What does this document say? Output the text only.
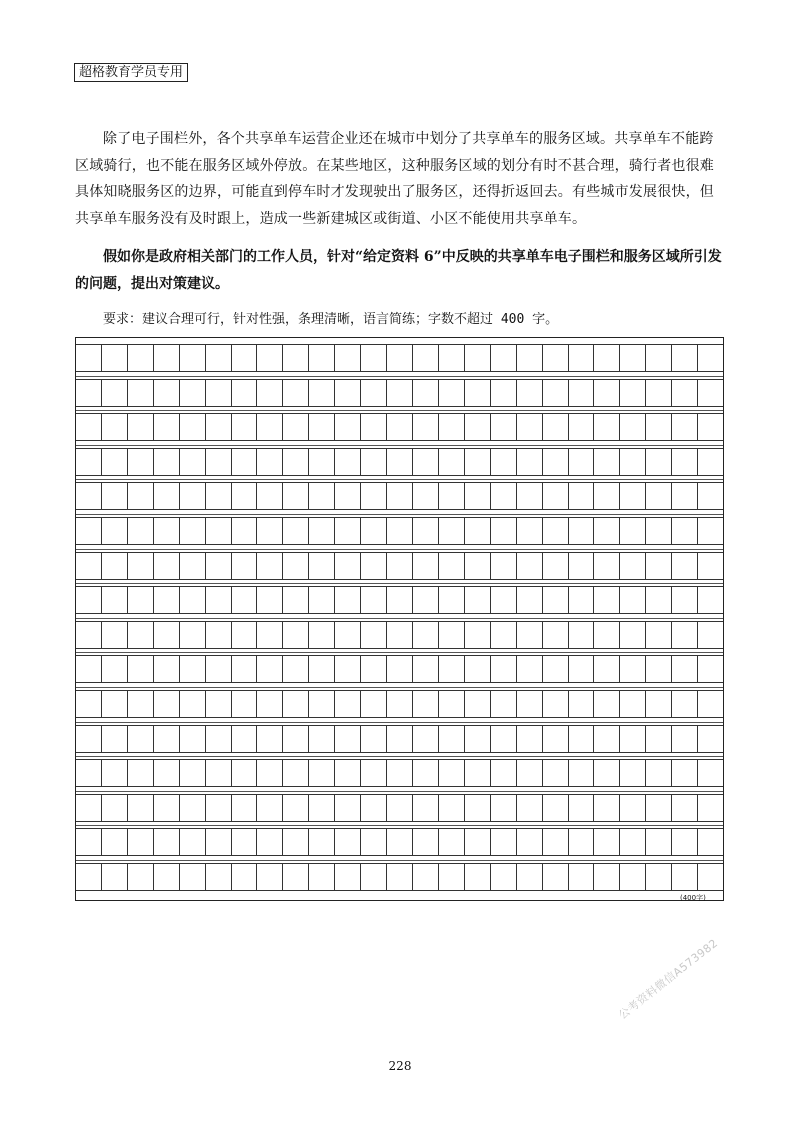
超格教育学员专用

除了电子围栏外，各个共享单车运营企业还在城市中划分了共享单车的服务区域。共享单车不能跨区域骑行，也不能在服务区域外停放。在某些地区，这种服务区域的划分有时不甚合理，骑行者也很难具体知晓服务区的边界，可能直到停车时才发现驶出了服务区，还得折返回去。有些城市发展很快，但共享单车服务没有及时跟上，造成一些新建城区或街道、小区不能使用共享单车。

假如你是政府相关部门的工作人员，针对“给定资料 6”中反映的共享单车电子围栏和服务区域所引发的问题，提出对策建议。

要求：建议合理可行，针对性强，条理清晰，语言简练；字数不超过 400 字。
(400字)
公考资料微信A573982
228
